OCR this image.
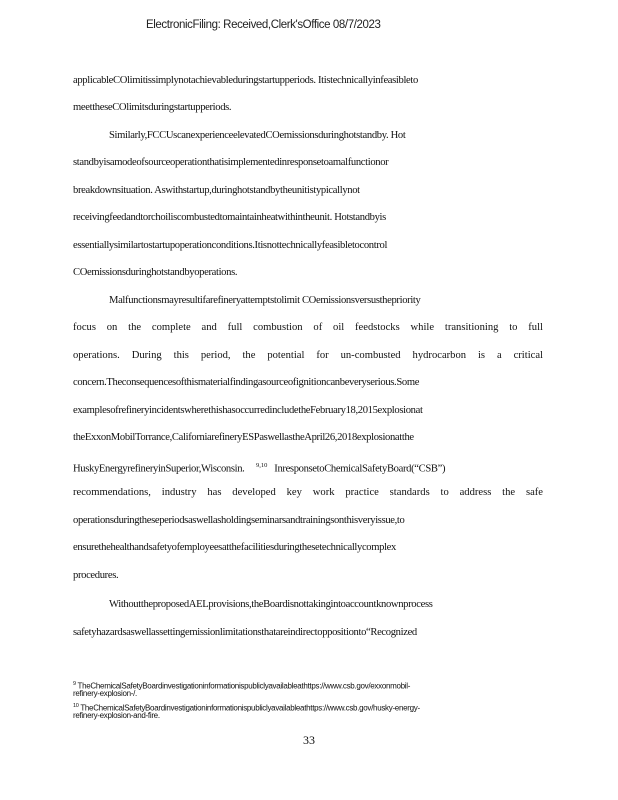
ElectronicFiling: Received,Clerk'sOffice 08/7/2023
applicableCOlimitissimplynotachievableduringstartupperiods. Itistechnicallyinfeasibleto
meettheseCOlimitsduringstartupperiods.
Similarly,FCCUscanexperienceelevatedCOemissionsduringhotstandby. Hot
standbyisamodeofsourceoperationthatisimplementedinresponsetoamalfunctionor
breakdownsituation. Aswithstartup,duringhotstandbytheunitistypicallynot
receivingfeedandtorchoiliscombustedtomaintainheatwithintheunit. Hotstandbyis
essentiallysimilartostartupoperationconditions.Itisnottechnicallyfeasibletocontrol
COemissionsduringhotstandbyoperations.
Malfunctionsmayresultifarefineryattemptstolimit COemissionsversusthepriority
focus on the complete and full combustion of oil feedstocks while transitioning to full
operations. During this period, the potential for un-combusted hydrocarbon is a critical
concern.Theconsequencesofthismaterialfindingasourceofignitioncanbeveryserious.Some
examplesofrefineryincidentswherethishasoccurredincludetheFebruary18,2015explosionat
theExxonMobilTorrance,CaliforniarefineryESPaswellastheApril26,2018explosionatthe
HuskyEnergyrefineryinSuperior,Wisconsin. $^{9,10}$ InresponsetoChemicalSafetyBoard(“CSB”)
recommendations, industry has developed key work practice standards to address the safe
operationsduringtheseperiodsaswellasholdingseminarsandtrainingsonthisveryissue,to
ensurethehealthandsafetyofemployeesatthefacilitiesduringthesetechnicallycomplex
procedures.
WithouttheproposedAELprovisions,theBoardisnottakingintoaccountknownprocess
safetyhazardsaswellassettingemissionlimitationsthatareindirectoppositionto“Recognized
$^9$ TheChemicalSafetyBoardinvestigationinformationispubliclyavailableathttps://www.csb.gov/exxonmobil-
refinery-explosion-/.
$^{10}$ TheChemicalSafetyBoardinvestigationinformationispubliclyavailableathttps://www.csb.gov/husky-energy-
refinery-explosion-and-fire.
33
